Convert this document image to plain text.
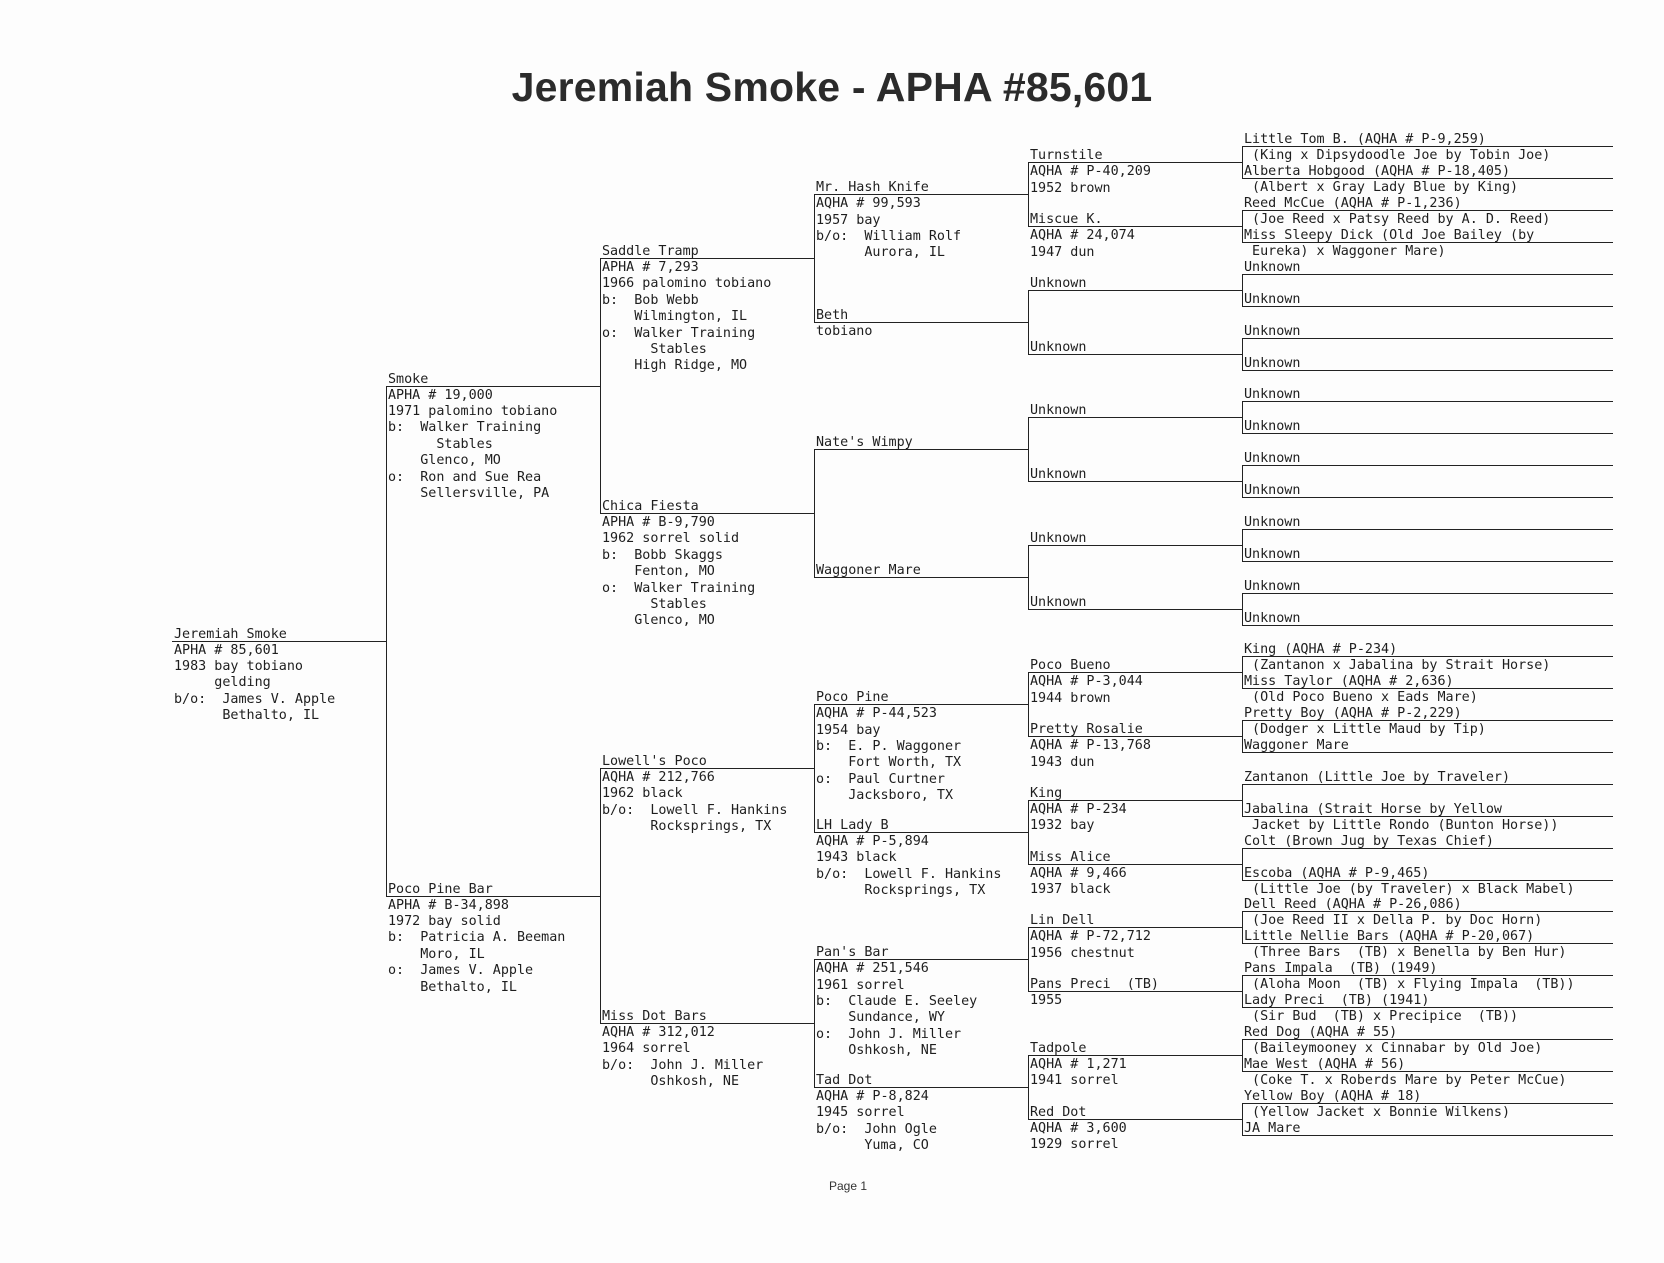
Jeremiah Smoke - APHA #85,601
Jeremiah Smoke
APHA # 85,601
1983 bay tobiano
gelding
b/o:  James V. Apple
Bethalto, IL
Smoke
APHA # 19,000
1971 palomino tobiano
b:  Walker Training
Stables
Glenco, MO
o:  Ron and Sue Rea
Sellersville, PA
Saddle Tramp
APHA # 7,293
1966 palomino tobiano
b:  Bob Webb
Wilmington, IL
o:  Walker Training
Stables
High Ridge, MO
Mr. Hash Knife
AQHA # 99,593
1957 bay
b/o:  William Rolf
Aurora, IL
Turnstile
AQHA # P-40,209
1952 brown
Little Tom B. (AQHA # P-9,259)
(King x Dipsydoodle Joe by Tobin Joe)
Alberta Hobgood (AQHA # P-18,405)
(Albert x Gray Lady Blue by King)
Miscue K.
AQHA # 24,074
1947 dun
Reed McCue (AQHA # P-1,236)
(Joe Reed x Patsy Reed by A. D. Reed)
Miss Sleepy Dick (Old Joe Bailey (by
Eureka) x Waggoner Mare)
Beth
tobiano
Unknown
Unknown
Unknown
Unknown
Unknown
Unknown
Chica Fiesta
APHA # B-9,790
1962 sorrel solid
b:  Bobb Skaggs
Fenton, MO
o:  Walker Training
Stables
Glenco, MO
Nate's Wimpy
Unknown
Unknown
Unknown
Unknown
Unknown
Unknown
Waggoner Mare
Unknown
Unknown
Unknown
Unknown
Unknown
Unknown
Poco Pine Bar
APHA # B-34,898
1972 bay solid
b:  Patricia A. Beeman
Moro, IL
o:  James V. Apple
Bethalto, IL
Lowell's Poco
AQHA # 212,766
1962 black
b/o:  Lowell F. Hankins
Rocksprings, TX
Poco Pine
AQHA # P-44,523
1954 bay
b:  E. P. Waggoner
Fort Worth, TX
o:  Paul Curtner
Jacksboro, TX
Poco Bueno
AQHA # P-3,044
1944 brown
King (AQHA # P-234)
(Zantanon x Jabalina by Strait Horse)
Miss Taylor (AQHA # 2,636)
(Old Poco Bueno x Eads Mare)
Pretty Rosalie
AQHA # P-13,768
1943 dun
Pretty Boy (AQHA # P-2,229)
(Dodger x Little Maud by Tip)
Waggoner Mare
LH Lady B
AQHA # P-5,894
1943 black
b/o:  Lowell F. Hankins
Rocksprings, TX
King
AQHA # P-234
1932 bay
Zantanon (Little Joe by Traveler)
Jabalina (Strait Horse by Yellow
Jacket by Little Rondo (Bunton Horse))
Miss Alice
AQHA # 9,466
1937 black
Colt (Brown Jug by Texas Chief)
Escoba (AQHA # P-9,465)
(Little Joe (by Traveler) x Black Mabel)
Miss Dot Bars
AQHA # 312,012
1964 sorrel
b/o:  John J. Miller
Oshkosh, NE
Pan's Bar
AQHA # 251,546
1961 sorrel
b:  Claude E. Seeley
Sundance, WY
o:  John J. Miller
Oshkosh, NE
Lin Dell
AQHA # P-72,712
1956 chestnut
Dell Reed (AQHA # P-26,086)
(Joe Reed II x Della P. by Doc Horn)
Little Nellie Bars (AQHA # P-20,067)
(Three Bars  (TB) x Benella by Ben Hur)
Pans Preci  (TB)
1955
Pans Impala  (TB) (1949)
(Aloha Moon  (TB) x Flying Impala  (TB))
Lady Preci  (TB) (1941)
(Sir Bud  (TB) x Precipice  (TB))
Tad Dot
AQHA # P-8,824
1945 sorrel
b/o:  John Ogle
Yuma, CO
Tadpole
AQHA # 1,271
1941 sorrel
Red Dog (AQHA # 55)
(Baileymooney x Cinnabar by Old Joe)
Mae West (AQHA # 56)
(Coke T. x Roberds Mare by Peter McCue)
Red Dot
AQHA # 3,600
1929 sorrel
Yellow Boy (AQHA # 18)
(Yellow Jacket x Bonnie Wilkens)
JA Mare
Page 1
